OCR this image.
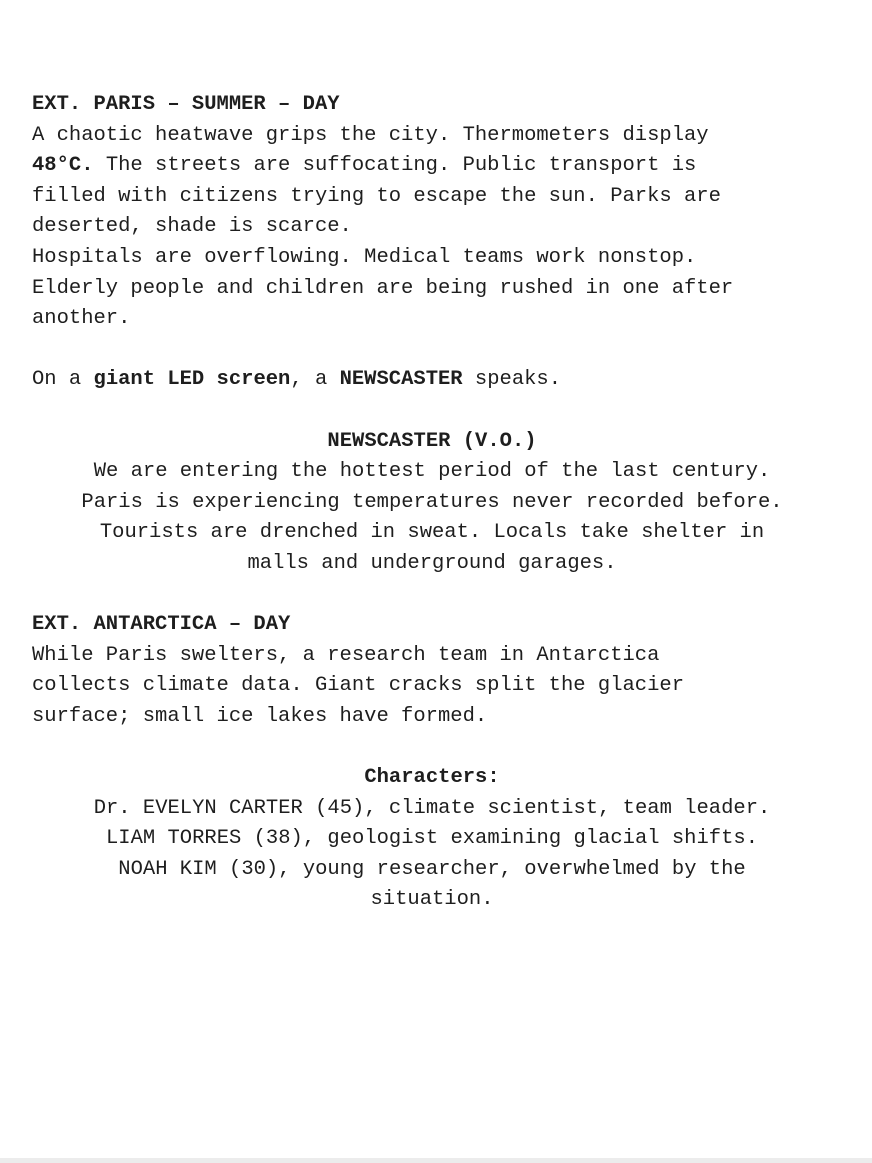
EXT. PARIS – SUMMER – DAY
A chaotic heatwave grips the city. Thermometers display
48°C. The streets are suffocating. Public transport is
filled with citizens trying to escape the sun. Parks are
deserted, shade is scarce.
Hospitals are overflowing. Medical teams work nonstop.
Elderly people and children are being rushed in one after
another.
On a giant LED screen, a NEWSCASTER speaks.
NEWSCASTER (V.O.)
We are entering the hottest period of the last century.
Paris is experiencing temperatures never recorded before.
Tourists are drenched in sweat. Locals take shelter in
malls and underground garages.
EXT. ANTARCTICA – DAY
While Paris swelters, a research team in Antarctica
collects climate data. Giant cracks split the glacier
surface; small ice lakes have formed.
Characters:
Dr. EVELYN CARTER (45), climate scientist, team leader.
LIAM TORRES (38), geologist examining glacial shifts.
NOAH KIM (30), young researcher, overwhelmed by the
situation.
